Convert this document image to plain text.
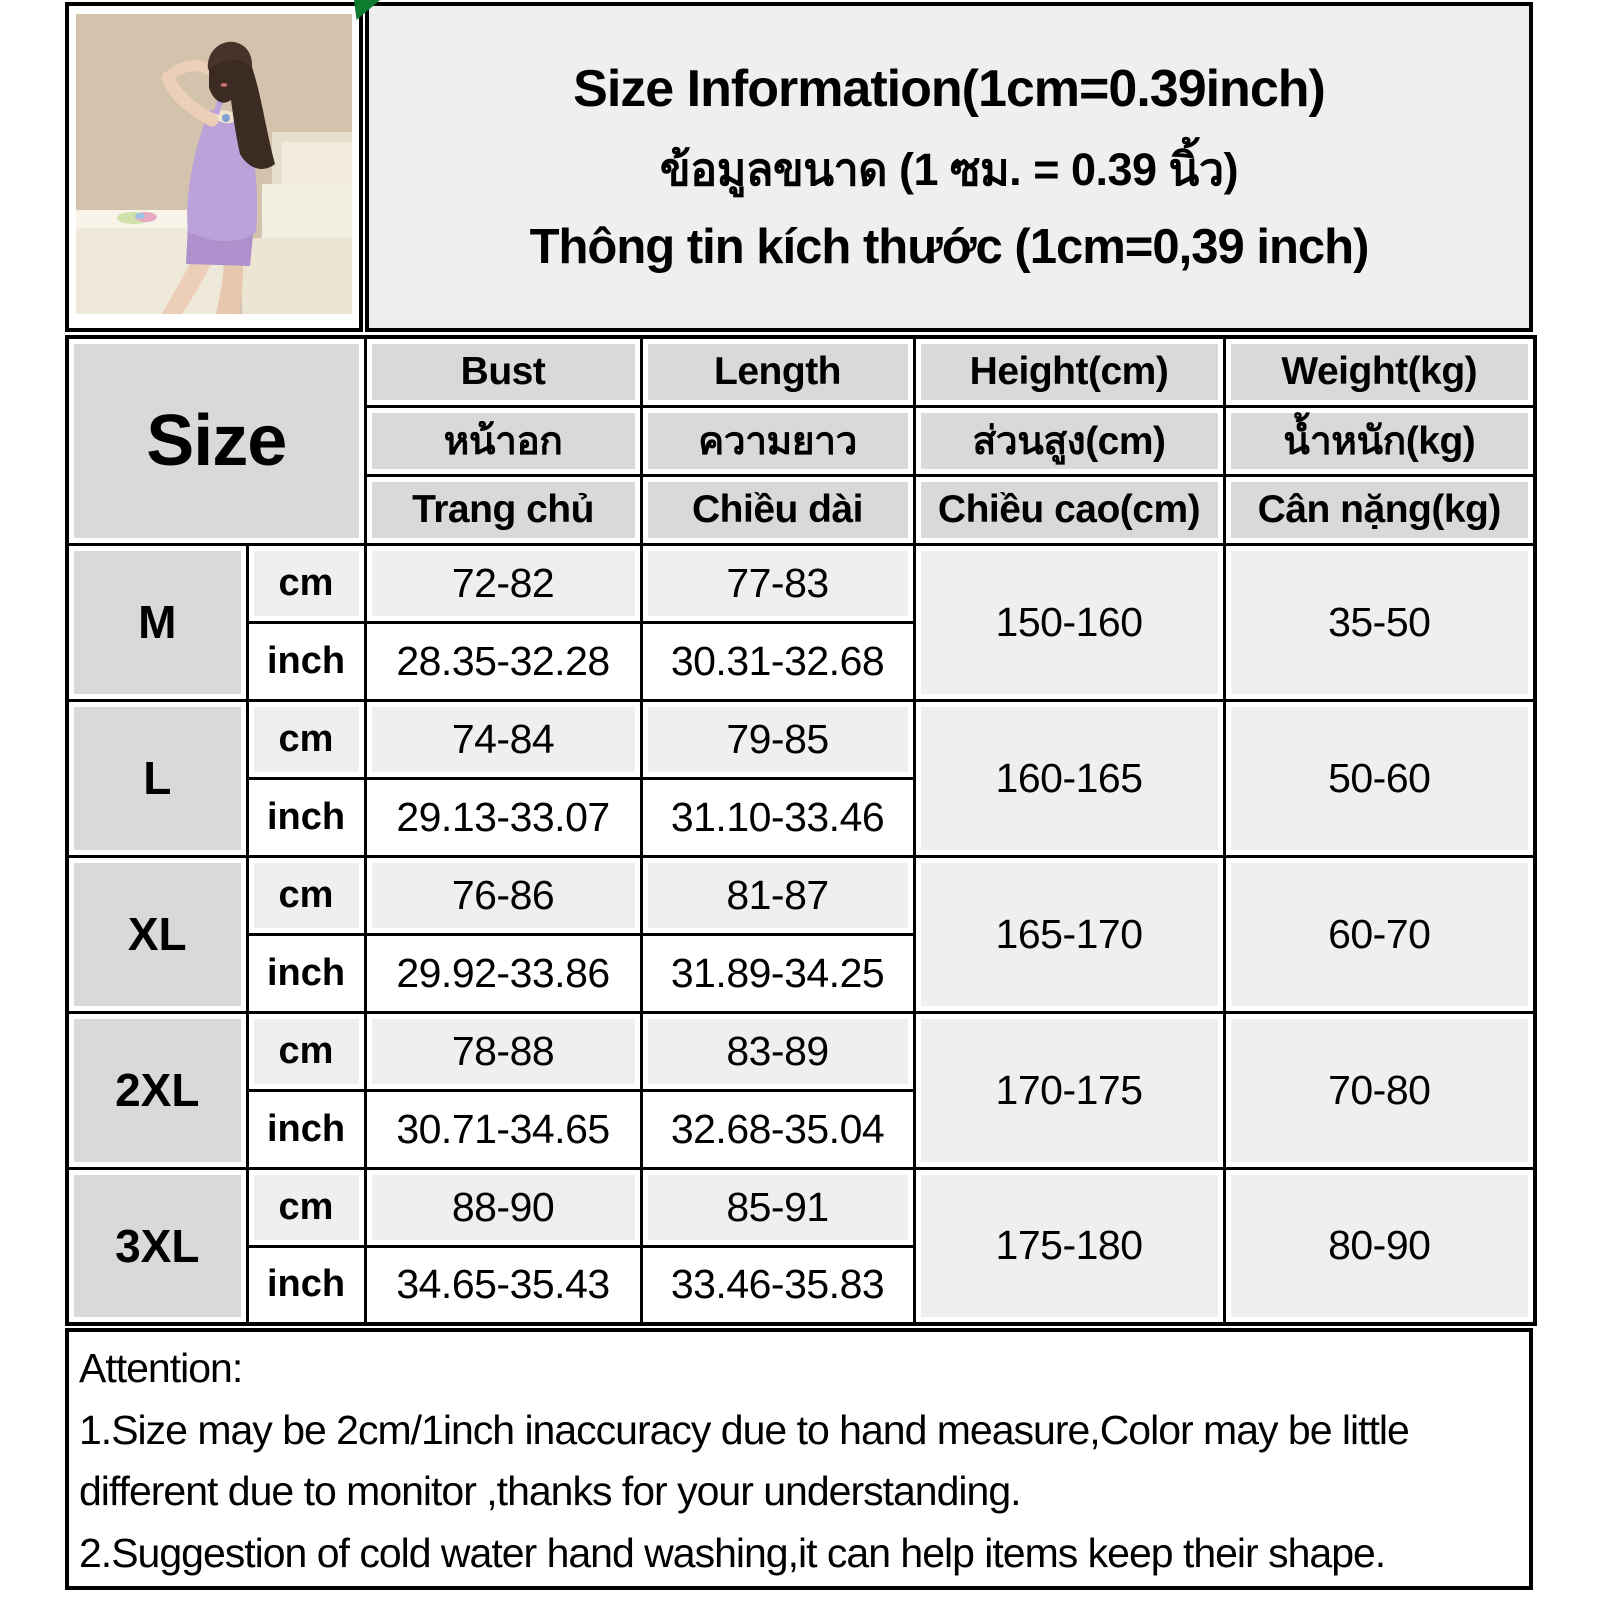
Size Information(1cm=0.39inch)
ข้อมูลขนาด (1 ซม. = 0.39 นิ้ว)
Thông tin kích thước (1cm=0,39 inch)
Size		Bust	Length	Height(cm)	Weight(kg)
		หน้าอก	ความยาว	ส่วนสูง(cm)	น้ำหนัก(kg)
		Trang chủ	Chiều dài	Chiều cao(cm)	Cân nặng(kg)
M	cm	72-82	77-83	150-160	35-50
	inch	28.35-32.28	30.31-32.68		
L	cm	74-84	79-85	160-165	50-60
	inch	29.13-33.07	31.10-33.46		
XL	cm	76-86	81-87	165-170	60-70
	inch	29.92-33.86	31.89-34.25		
2XL	cm	78-88	83-89	170-175	70-80
	inch	30.71-34.65	32.68-35.04		
3XL	cm	88-90	85-91	175-180	80-90
	inch	34.65-35.43	33.46-35.83		
Attention:
1.Size may be 2cm/1inch inaccuracy due to hand measure,Color may be little different due to monitor ,thanks for your understanding.
2.Suggestion of cold water hand washing,it can help items keep their shape.
